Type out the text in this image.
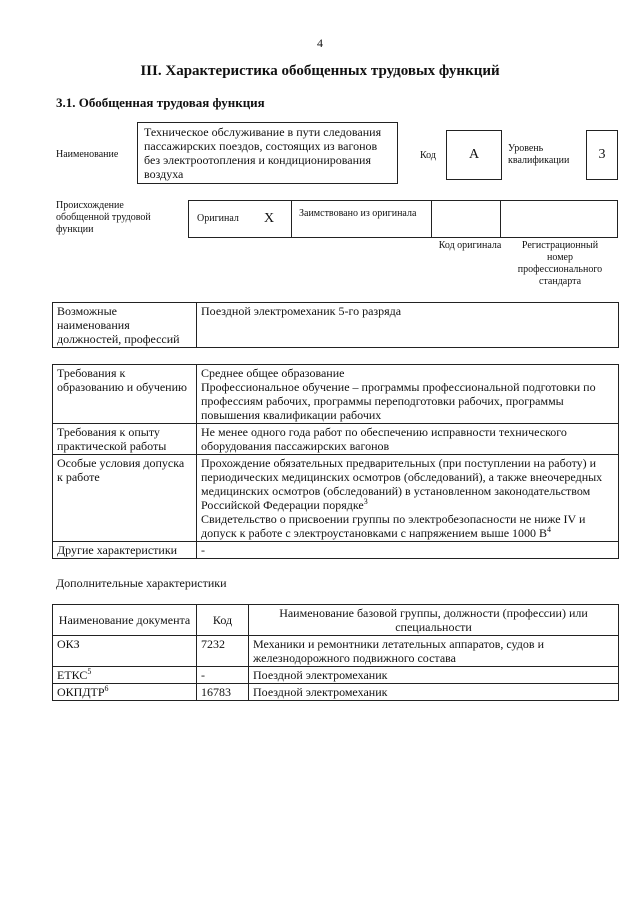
4
III. Характеристика обобщенных трудовых функций
3.1. Обобщенная трудовая функция
Наименование
Техническое обслуживание в пути следования пассажирских поездов, состоящих из вагонов без электроотопления и кондиционирования воздуха
Код А	Уровень квалификации	3
Происхождение обобщенной трудовой функции
Оригинал X Заимствовано из оригинала
Код оригинала	Регистрационный номер профессионального стандарта
Возможные наименования должностей, профессий	Поездной электромеханик 5-го разряда
Требования к образованию и обучению	Среднее общее образование
Профессиональное обучение – программы профессиональной подготовки по профессиям рабочих, программы переподготовки рабочих, программы повышения квалификации рабочих

Требования к опыту практической работы	Не менее одного года работ по обеспечению исправности технического оборудования пассажирских вагонов
Особые условия допуска к работе	Прохождение обязательных предварительных (при поступлении на работу) и периодических медицинских осмотров (обследований), а также внеочередных медицинских осмотров (обследований) в установленном законодательством Российской Федерации порядке$^3$
Свидетельство о присвоении группы по электробезопасности не ниже IV и допуск к работе с электроустановками с напряжением выше 1000 $В^4$

Другие характеристики	-
Дополнительные характеристики
Наименование документа	Код	Наименование базовой группы, должности (профессии) или специальности
ОКЗ	7232	Механики и ремонтники летательных аппаратов, судов и железнодорожного подвижного состава
ЕТКС$^5$	-	Поездной электромеханик
ОКПДТР$^6$	16783	Поездной электромеханик
